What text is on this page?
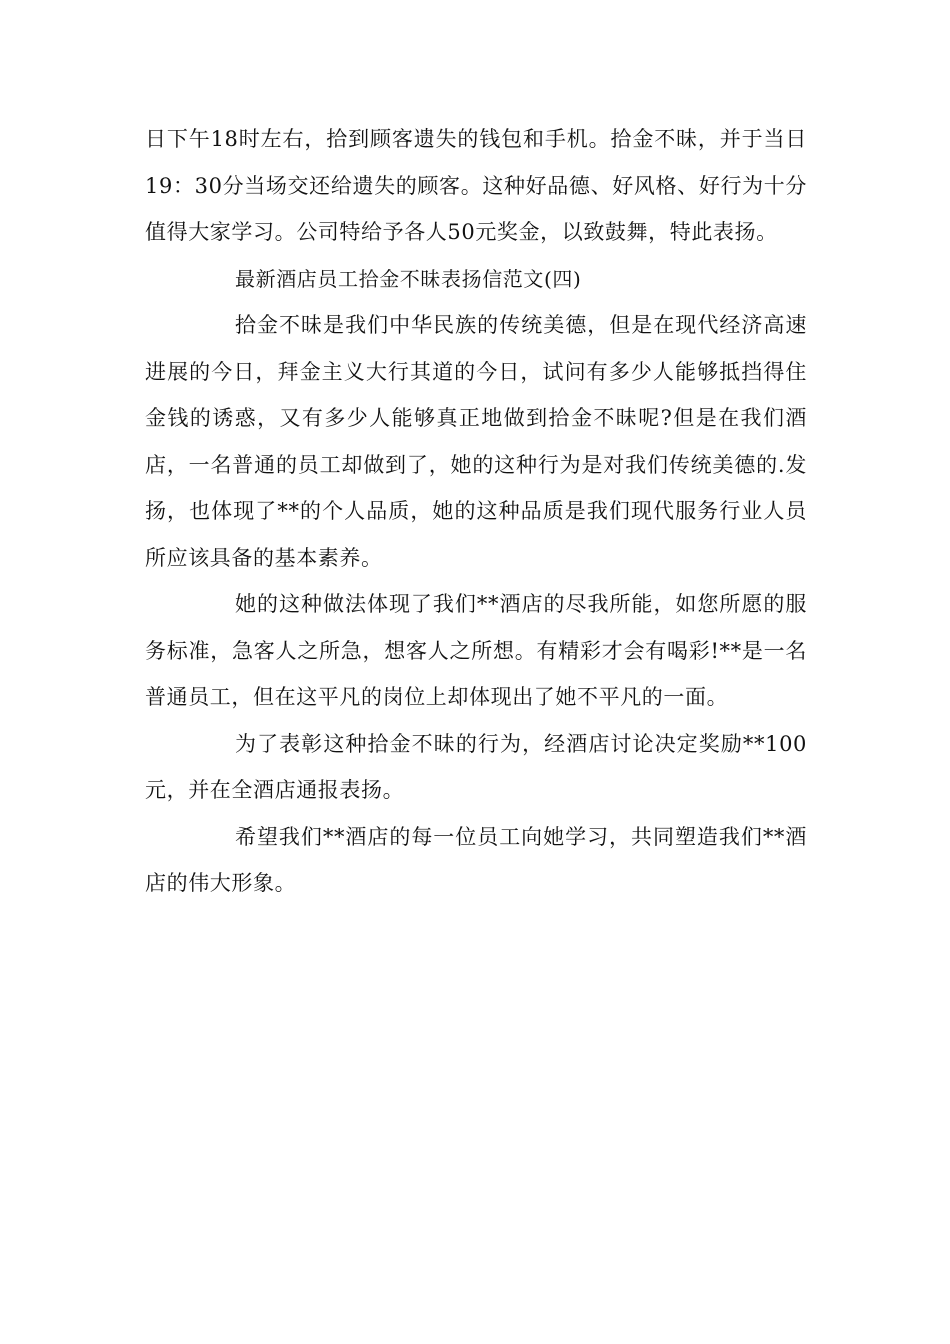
日下午18时左右，拾到顾客遗失的钱包和手机。拾金不昧，并于当日19：30分当场交还给遗失的顾客。这种好品德、好风格、好行为十分值得大家学习。公司特给予各人50元奖金，以致鼓舞，特此表扬。

最新酒店员工拾金不昧表扬信范文(四)

拾金不昧是我们中华民族的传统美德，但是在现代经济高速进展的今日，拜金主义大行其道的今日，试问有多少人能够抵挡得住金钱的诱惑，又有多少人能够真正地做到拾金不昧呢?但是在我们酒店，一名普通的员工却做到了，她的这种行为是对我们传统美德的.发扬，也体现了**的个人品质，她的这种品质是我们现代服务行业人员所应该具备的基本素养。

她的这种做法体现了我们**酒店的尽我所能，如您所愿的服务标准，急客人之所急，想客人之所想。有精彩才会有喝彩!**是一名普通员工，但在这平凡的岗位上却体现出了她不平凡的一面。

为了表彰这种拾金不昧的行为，经酒店讨论决定奖励**100元，并在全酒店通报表扬。

希望我们**酒店的每一位员工向她学习，共同塑造我们**酒店的伟大形象。
